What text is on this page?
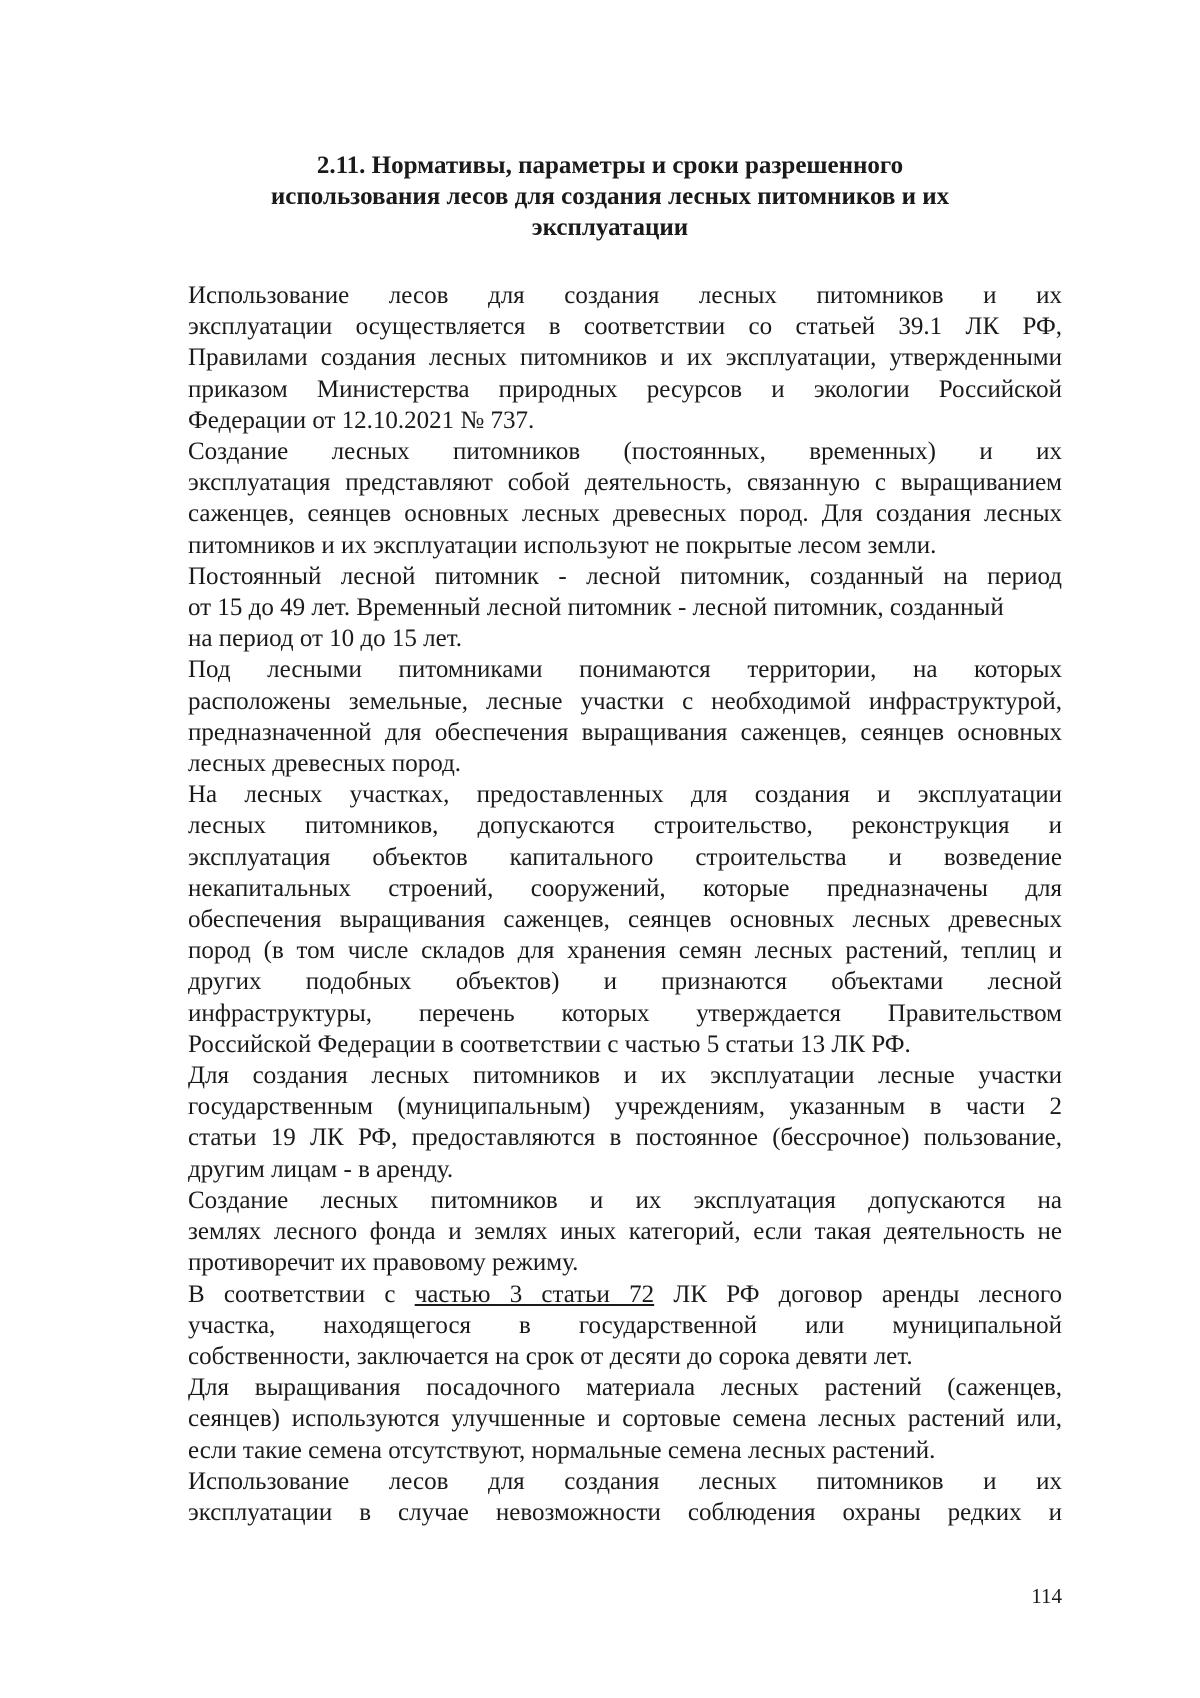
2.11. Нормативы, параметры и сроки разрешенного
использования лесов для создания лесных питомников и их
эксплуатации
Использование лесов для создания лесных питомников и их
эксплуатации осуществляется в соответствии со статьей 39.1 ЛК РФ,
Правилами создания лесных питомников и их эксплуатации, утвержденными
приказом Министерства природных ресурсов и экологии Российской
Федерации от 12.10.2021 № 737.
Создание лесных питомников (постоянных, временных) и их
эксплуатация представляют собой деятельность, связанную с выращиванием
саженцев, сеянцев основных лесных древесных пород. Для создания лесных
питомников и их эксплуатации используют не покрытые лесом земли.
Постоянный лесной питомник - лесной питомник, созданный на период
от 15 до 49 лет. Временный лесной питомник - лесной питомник, созданный
на период от 10 до 15 лет.
Под лесными питомниками понимаются территории, на которых
расположены земельные, лесные участки с необходимой инфраструктурой,
предназначенной для обеспечения выращивания саженцев, сеянцев основных
лесных древесных пород.
На лесных участках, предоставленных для создания и эксплуатации
лесных питомников, допускаются строительство, реконструкция и
эксплуатация объектов капитального строительства и возведение
некапитальных строений, сооружений, которые предназначены для
обеспечения выращивания саженцев, сеянцев основных лесных древесных
пород (в том числе складов для хранения семян лесных растений, теплиц и
других подобных объектов) и признаются объектами лесной
инфраструктуры, перечень которых утверждается Правительством
Российской Федерации в соответствии с частью 5 статьи 13 ЛК РФ.
Для создания лесных питомников и их эксплуатации лесные участки
государственным (муниципальным) учреждениям, указанным в части 2
статьи 19 ЛК РФ, предоставляются в постоянное (бессрочное) пользование,
другим лицам - в аренду.
Создание лесных питомников и их эксплуатация допускаются на
землях лесного фонда и землях иных категорий, если такая деятельность не
противоречит их правовому режиму.
В соответствии с частью 3 статьи 72 ЛК РФ договор аренды лесного
участка, находящегося в государственной или муниципальной
собственности, заключается на срок от десяти до сорока девяти лет.
Для выращивания посадочного материала лесных растений (саженцев,
сеянцев) используются улучшенные и сортовые семена лесных растений или,
если такие семена отсутствуют, нормальные семена лесных растений.
Использование лесов для создания лесных питомников и их
эксплуатации в случае невозможности соблюдения охраны редких и
114
